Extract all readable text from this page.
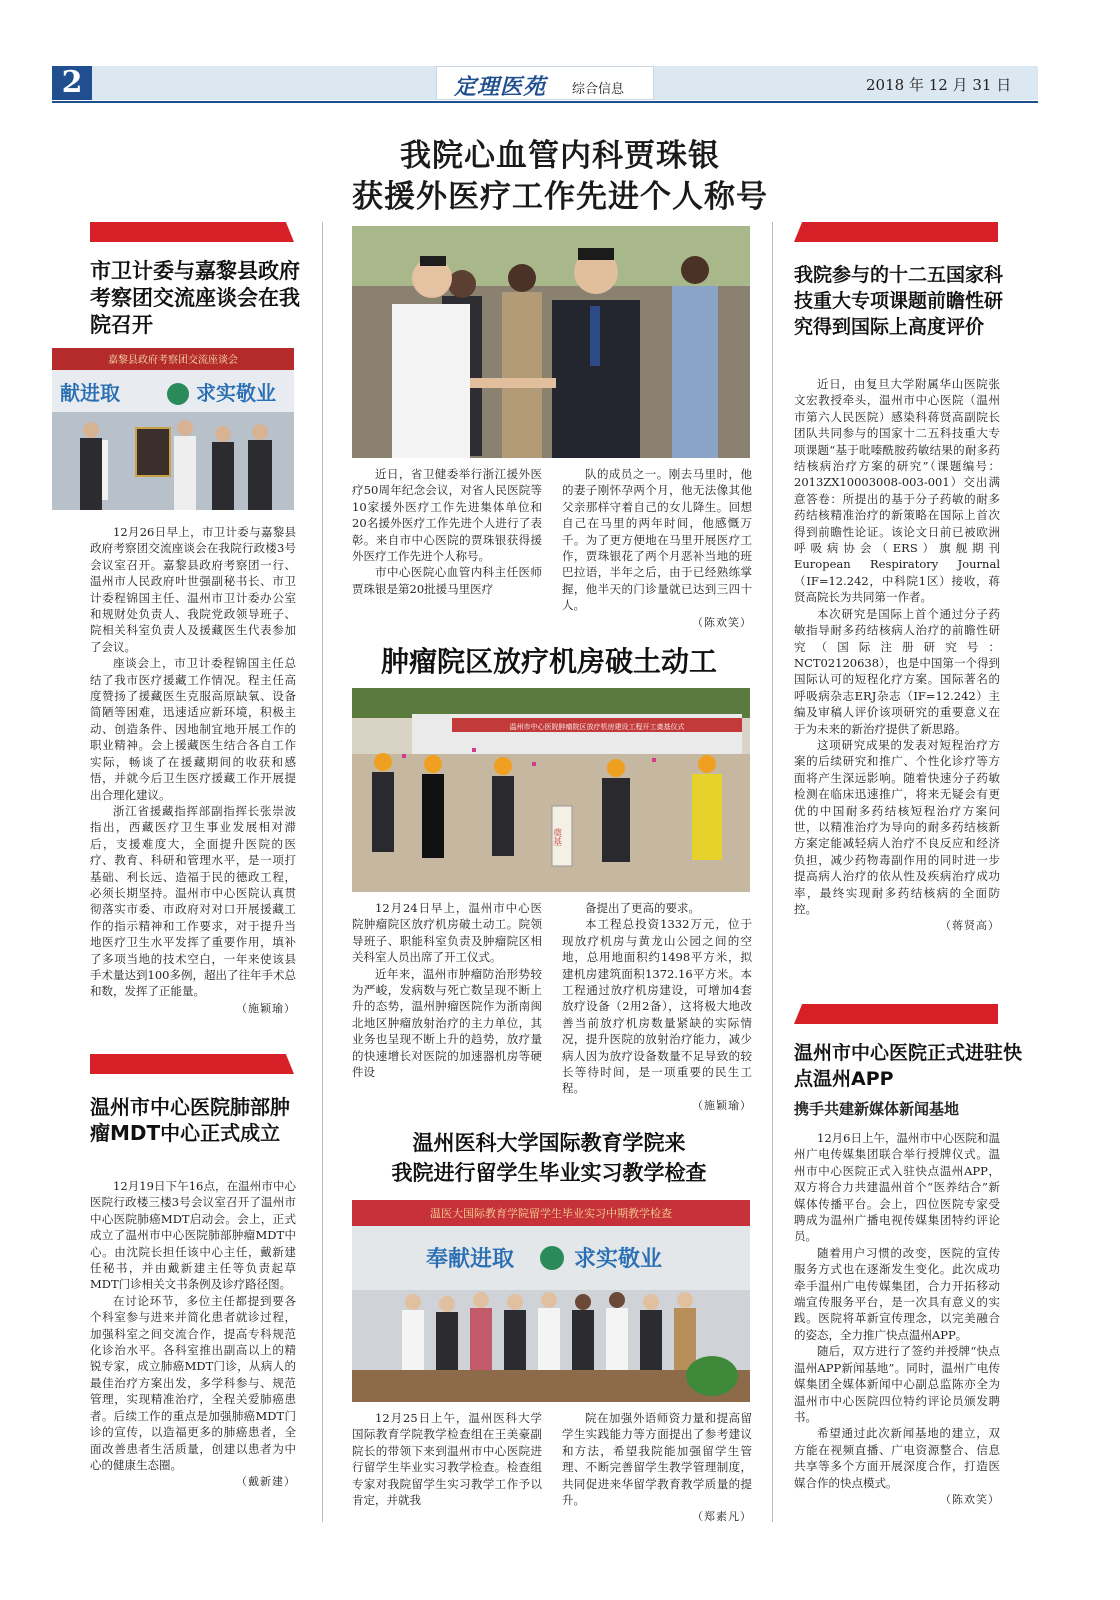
2	定理医苑 综合信息	2018 年 12 月 31 日
我院心血管内科贾珠银
获援外医疗工作先进个人称号
市卫计委与嘉黎县政府考察团交流座谈会在我院召开
嘉黎县政府考察团交流座谈会
献进取	求实敬业

12月26日早上，市卫计委与嘉黎县政府考察团交流座谈会在我院行政楼3号会议室召开。嘉黎县政府考察团一行、温州市人民政府叶世强副秘书长、市卫计委程锦国主任、温州市卫计委办公室和规财处负责人、我院党政领导班子、院相关科室负责人及援藏医生代表参加了会议。

座谈会上，市卫计委程锦国主任总结了我市医疗援藏工作情况。程主任高度赞扬了援藏医生克服高原缺氧、设备简陋等困难，迅速适应新环境，积极主动、创造条件、因地制宜地开展工作的职业精神。会上援藏医生结合各自工作实际，畅谈了在援藏期间的收获和感悟，并就今后卫生医疗援藏工作开展提出合理化建议。

浙江省援藏指挥部副指挥长张崇波指出，西藏医疗卫生事业发展相对滞后，支援难度大，全面提升医院的医疗、教育、科研和管理水平，是一项打基础、利长远、造福于民的德政工程，必须长期坚持。温州市中心医院认真贯彻落实市委、市政府对对口开展援藏工作的指示精神和工作要求，对于提升当地医疗卫生水平发挥了重要作用，填补了多项当地的技术空白，一年来使该县手术量达到100多例，超出了往年手术总和数，发挥了正能量。

（施颖瑜）
温州市中心医院肺部肿瘤MDT中心正式成立

12月19日下午16点，在温州市中心医院行政楼三楼3号会议室召开了温州市中心医院肺癌MDT启动会。会上，正式成立了温州市中心医院肺部肿瘤MDT中心。由沈院长担任该中心主任，戴新建任秘书，并由戴新建主任等负责起草MDT门诊相关文书条例及诊疗路径图。

在讨论环节，多位主任都提到要各个科室参与进来并简化患者就诊过程，加强科室之间交流合作，提高专科规范化诊治水平。各科室推出副高以上的精锐专家，成立肺癌MDT门诊，从病人的最佳治疗方案出发，多学科参与、规范管理，实现精准治疗，全程关爱肺癌患者。后续工作的重点是加强肺癌MDT门诊的宣传，以造福更多的肺癌患者，全面改善患者生活质量，创建以患者为中心的健康生态圈。

（戴新建）

近日，省卫健委举行浙江援外医疗50周年纪念会议，对省人民医院等10家援外医疗工作先进集体单位和20名援外医疗工作先进个人进行了表彰。来自市中心医院的贾珠银获得援外医疗工作先进个人称号。

市中心医院心血管内科主任医师贾珠银是第20批援马里医疗

队的成员之一。刚去马里时，他的妻子刚怀孕两个月，他无法像其他父亲那样守着自己的女儿降生。回想自己在马里的两年时间，他感慨万千。为了更方便地在马里开展医疗工作，贾珠银花了两个月恶补当地的班巴拉语，半年之后，由于已经熟练掌握，他半天的门诊量就已达到三四十人。

（陈欢笑）
肿瘤院区放疗机房破土动工
温州市中心医院肿瘤院区放疗机房建设工程开工奠基仪式
奠基

12月24日早上，温州市中心医院肿瘤院区放疗机房破土动工。院领导班子、职能科室负责及肿瘤院区相关科室人员出席了开工仪式。

近年来，温州市肿瘤防治形势较为严峻，发病数与死亡数呈现不断上升的态势，温州肿瘤医院作为浙南闽北地区肿瘤放射治疗的主力单位，其业务也呈现不断上升的趋势，放疗量的快速增长对医院的加速器机房等硬件设

备提出了更高的要求。

本工程总投资1332万元，位于现放疗机房与黄龙山公园之间的空地，总用地面积约1498平方米，拟建机房建筑面积1372.16平方米。本工程通过放疗机房建设，可增加4套放疗设备（2用2备），这将极大地改善当前放疗机房数量紧缺的实际情况，提升医院的放射治疗能力，减少病人因为放疗设备数量不足导致的较长等待时间，是一项重要的民生工程。

（施颖瑜）
温州医科大学国际教育学院来
我院进行留学生毕业实习教学检查
温医大国际教育学院留学生毕业实习中期教学检查
奉献进取	求实敬业

12月25日上午，温州医科大学国际教育学院教学检查组在王美豪副院长的带领下来到温州市中心医院进行留学生毕业实习教学检查。检查组专家对我院留学生实习教学工作予以肯定，并就我

院在加强外语师资力量和提高留学生实践能力等方面提出了参考建议和方法，希望我院能加强留学生管理、不断完善留学生教学管理制度，共同促进来华留学教育教学质量的提升。

（郑素凡）
我院参与的十二五国家科技重大专项课题前瞻性研究得到国际上高度评价

近日，由复旦大学附属华山医院张文宏教授牵头，温州市中心医院（温州市第六人民医院）感染科蒋贤高副院长团队共同参与的国家十二五科技重大专项课题“基于吡嗪酰胺药敏结果的耐多药结核病治疗方案的研究”（课题编号：2013ZX10003008-003-001）交出满意答卷：所提出的基于分子药敏的耐多药结核精准治疗的新策略在国际上首次得到前瞻性论证。该论文日前已被欧洲呼吸病协会（ERS）旗舰期刊European Respiratory Journal（IF=12.242，中科院1区）接收，蒋贤高院长为共同第一作者。

本次研究是国际上首个通过分子药敏指导耐多药结核病人治疗的前瞻性研究（国际注册研究号：NCT02120638），也是中国第一个得到国际认可的短程化疗方案。国际著名的呼吸病杂志ERJ杂志（IF=12.242）主编及审稿人评价该项研究的重要意义在于为未来的新治疗提供了新思路。

这项研究成果的发表对短程治疗方案的后续研究和推广、个性化诊疗等方面将产生深远影响。随着快速分子药敏检测在临床迅速推广，将来无疑会有更优的中国耐多药结核短程治疗方案问世，以精准治疗为导向的耐多药结核新方案定能减轻病人治疗不良反应和经济负担，减少药物毒副作用的同时进一步提高病人治疗的依从性及疾病治疗成功率，最终实现耐多药结核病的全面防控。

（蒋贤高）
温州市中心医院正式进驻快点温州APP
携手共建新媒体新闻基地

12月6日上午，温州市中心医院和温州广电传媒集团联合举行授牌仪式。温州市中心医院正式入驻快点温州APP，双方将合力共建温州首个“医养结合”新媒体传播平台。会上，四位医院专家受聘成为温州广播电视传媒集团特约评论员。

随着用户习惯的改变，医院的宣传服务方式也在逐渐发生变化。此次成功牵手温州广电传媒集团，合力开拓移动端宣传服务平台，是一次具有意义的实践。医院将革新宣传理念，以完美融合的姿态，全力推广快点温州APP。

随后，双方进行了签约并授牌“快点温州APP新闻基地”。同时，温州广电传媒集团全媒体新闻中心副总监陈亦全为温州市中心医院四位特约评论员颁发聘书。

希望通过此次新闻基地的建立，双方能在视频直播、广电资源整合、信息共享等多个方面开展深度合作，打造医媒合作的快点模式。

（陈欢笑）
